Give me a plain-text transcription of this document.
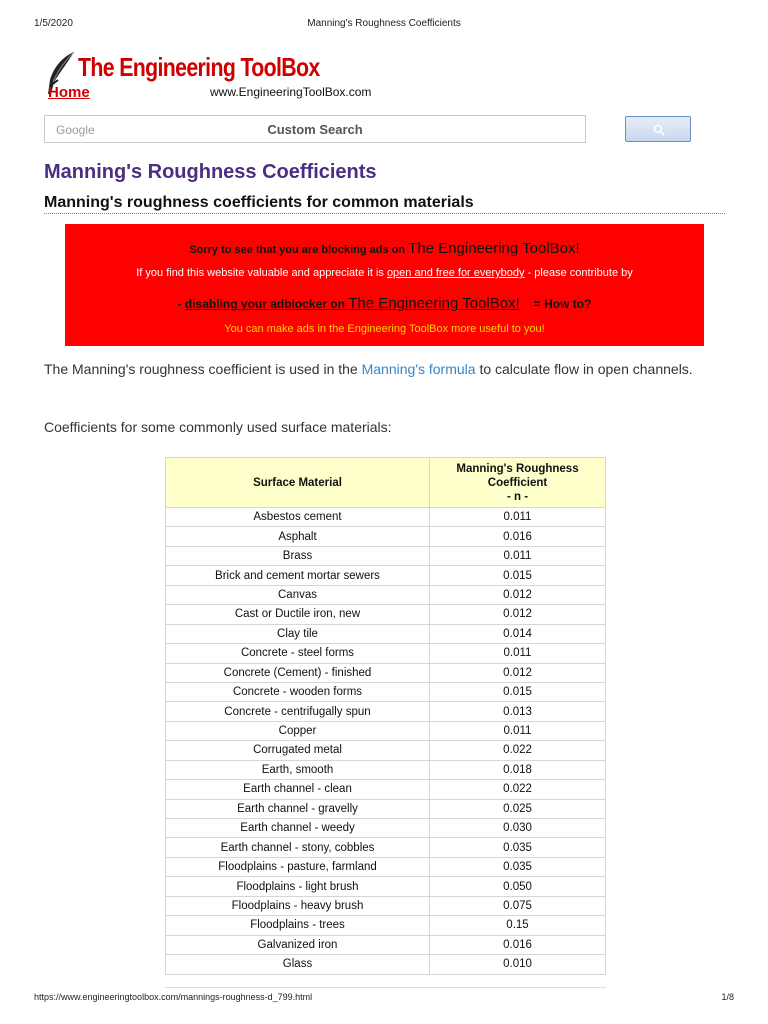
1/5/2020	Manning's Roughness Coefficients
The Engineering ToolBox
Home	www.EngineeringToolBox.com
Google	Custom Search
Manning's Roughness Coefficients
Manning's roughness coefficients for common materials
Sorry to see that you are blocking ads on The Engineering ToolBox!
If you find this website valuable and appreciate it is open and free for everybody - please contribute by
- disabling your adblocker on The Engineering ToolBox! = How to?
You can make ads in the Engineering ToolBox more useful to you!
The Manning's roughness coefficient is used in the Manning's formula to calculate flow in open channels.
Coefficients for some commonly used surface materials:
Surface Material	Manning's Roughness
Coefficient
- n -
Asbestos cement	0.011
Asphalt	0.016
Brass	0.011
Brick and cement mortar sewers	0.015
Canvas	0.012
Cast or Ductile iron, new	0.012
Clay tile	0.014
Concrete - steel forms	0.011
Concrete (Cement) - finished	0.012
Concrete - wooden forms	0.015
Concrete - centrifugally spun	0.013
Copper	0.011
Corrugated metal	0.022
Earth, smooth	0.018
Earth channel - clean	0.022
Earth channel - gravelly	0.025
Earth channel - weedy	0.030
Earth channel - stony, cobbles	0.035
Floodplains - pasture, farmland	0.035
Floodplains - light brush	0.050
Floodplains - heavy brush	0.075
Floodplains - trees	0.15
Galvanized iron	0.016
Glass	0.010
https://www.engineeringtoolbox.com/mannings-roughness-d_799.html	1/8
